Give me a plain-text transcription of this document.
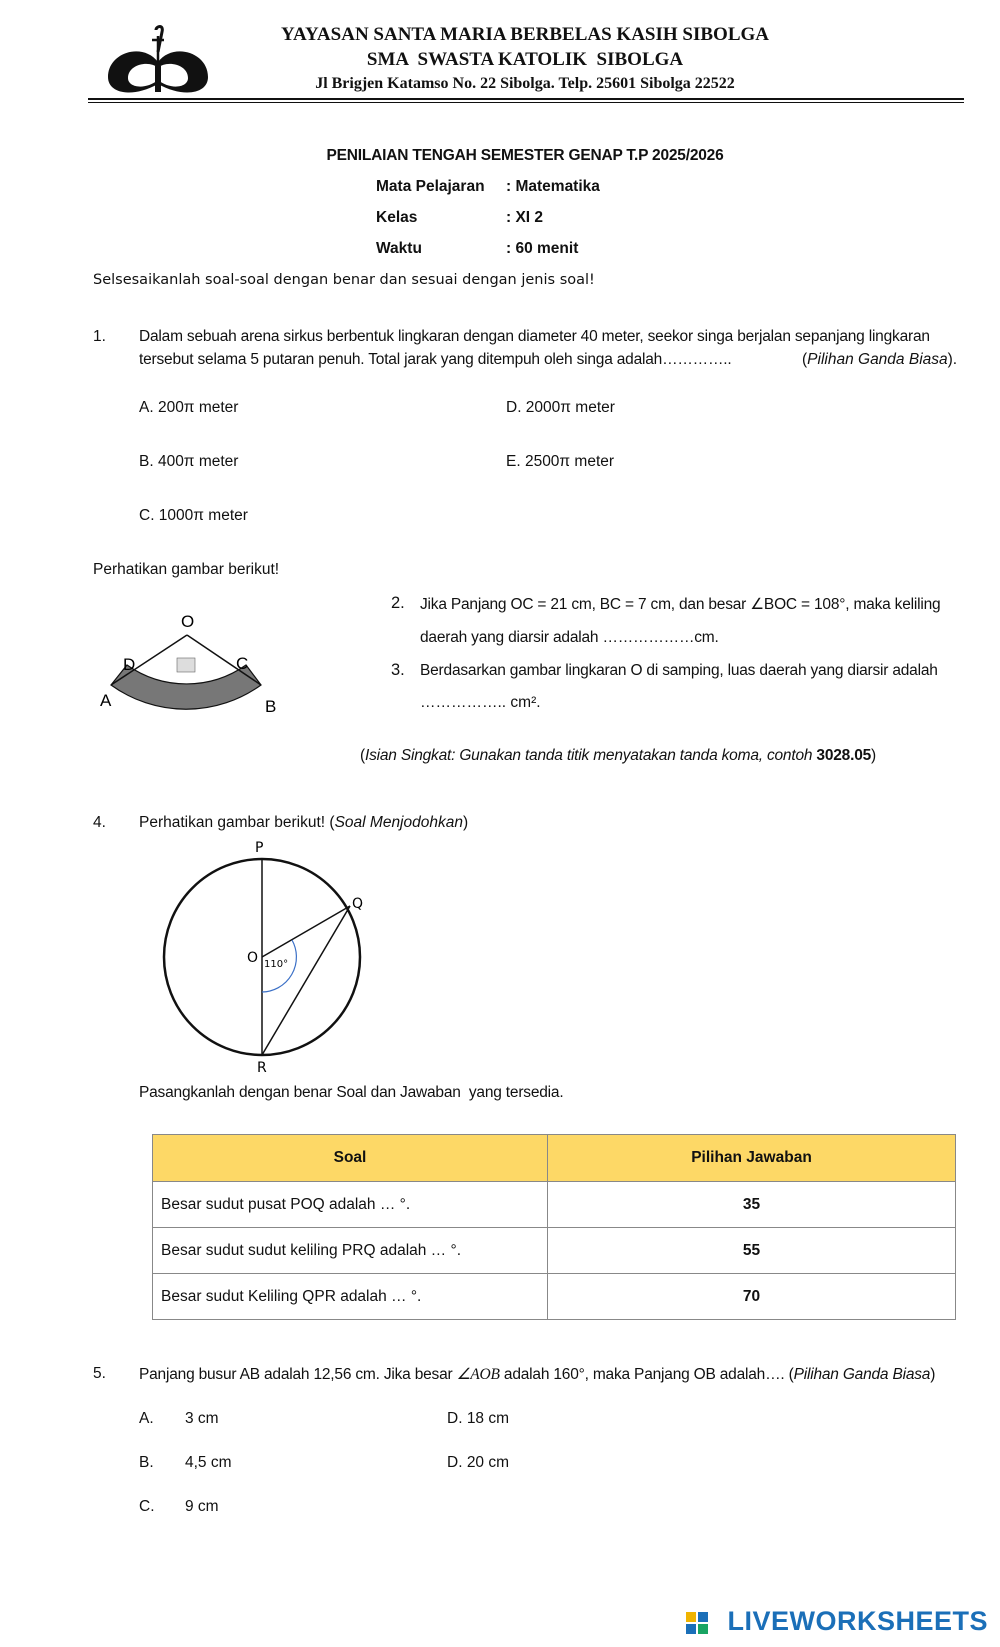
YAYASAN SANTA MARIA BERBELAS KASIH SIBOLGA
SMA  SWASTA KATOLIK  SIBOLGA
Jl Brigjen Katamso No. 22 Sibolga. Telp. 25601 Sibolga 22522
PENILAIAN TENGAH SEMESTER GENAP T.P 2025/2026
Mata Pelajaran : Matematika
Kelas	: XI 2
Waktu	: 60 menit
Selsesaikanlah soal-soal dengan benar dan sesuai dengan jenis soal!
1. Dalam sebuah arena sirkus berbentuk lingkaran dengan diameter 40 meter, seekor singa berjalan sepanjang lingkaran
tersebut selama 5 putaran penuh. Total jarak yang ditempuh oleh singa adalah…………..	(Pilihan Ganda Biasa).
A. 200π meter	D. 2000π meter
B. 400π meter	E. 2500π meter
C. 1000π meter
Perhatikan gambar berikut!
O
D	C
A	B
2. Jika Panjang OC = 21 cm, BC = 7 cm, dan besar ∠BOC = 108°, maka keliling
daerah yang diarsir adalah ………………cm.
3. Berdasarkan gambar lingkaran O di samping, luas daerah yang diarsir adalah
…………….. cm².
(Isian Singkat: Gunakan tanda titik menyatakan tanda koma, contoh 3028.05)
4. Perhatikan gambar berikut! (Soal Menjodohkan)
P
Q
O 110°
R
Pasangkanlah dengan benar Soal dan Jawaban  yang tersedia.
Soal	Pilihan Jawaban
Besar sudut pusat POQ adalah … °.	35
Besar sudut sudut keliling PRQ adalah … °.	55
Besar sudut Keliling QPR adalah … °.	70
5. Panjang busur AB adalah 12,56 cm. Jika besar ∠AOB adalah 160°, maka Panjang OB adalah…. (Pilihan Ganda Biasa)
A. 3 cm
B. 4,5 cm
C. 9 cm
D. 18 cm
D. 20 cm
LIVEWORKSHEETS
